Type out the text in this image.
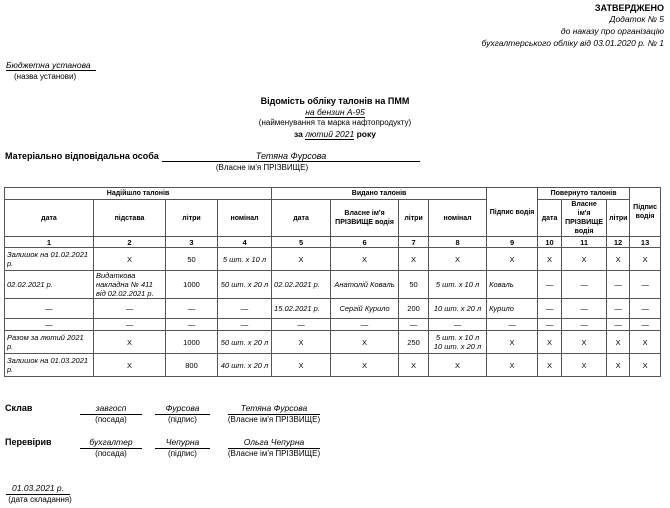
ЗАТВЕРДЖЕНО
Додаток № 5
до наказу про організацію
бухгалтерського обліку від 03.01.2020 р. № 1
Бюджетна установа
(назва установи)
Відомість обліку талонів на ПММ
на бензин А-95
(найменування та марка нафтопродукту)
за лютий 2021 року
Матеріально відповідальна особа	Тетяна Фурсова
(Власне ім'я ПРІЗВИЩЕ)
Надійшло талонів				Видано талонів				Підпис водія	Повернуто талонів			Підпис водія
дата	підстава	літри	номінал	дата	Власне ім'я ПРІЗВИЩЕ водія	літри	номінал		дата	Власне ім'я ПРІЗВИЩЕ водія	літри	
1	2	3	4	5	6	7	8	9	10	11	12	13
Залишок на 01.02.2021 р.	Х	50	5 шт. х 10 л	Х	Х	Х	Х	Х	Х	Х	Х	Х
02.02.2021 р.	Видаткова накладна № 411 від 02.02.2021 р.	1000	50 шт. х 20 л	02.02.2021 р.	Анатолій Коваль	50	5 шт. х 10 л	Коваль	—	—	—	—
—	—	—	—	15.02.2021 р.	Сергій Курило	200	10 шт. х 20 л	Курило	—	—	—	—
—	—	—	—	—	—	—	—	—	—	—	—	—
Разом за лютий 2021 р.	Х	1000	50 шт. х 20 л	Х	Х	250	5 шт. х 10 л 10 шт. х 20 л	Х	Х	Х	Х	Х
Залишок на 01.03.2021 р.	Х	800	40 шт. х 20 л	Х	Х	Х	Х	Х	Х	Х	Х	Х
Склав	завгосп	Фурсова	Тетяна Фурсова
(посада)	(підпис)	(Власне ім'я ПРІЗВИЩЕ)
Перевірив	бухгалтер	Чепурна	Ольга Чепурна
(посада)	(підпис)	(Власне ім'я ПРІЗВИЩЕ)
01.03.2021 р.
(дата складання)
